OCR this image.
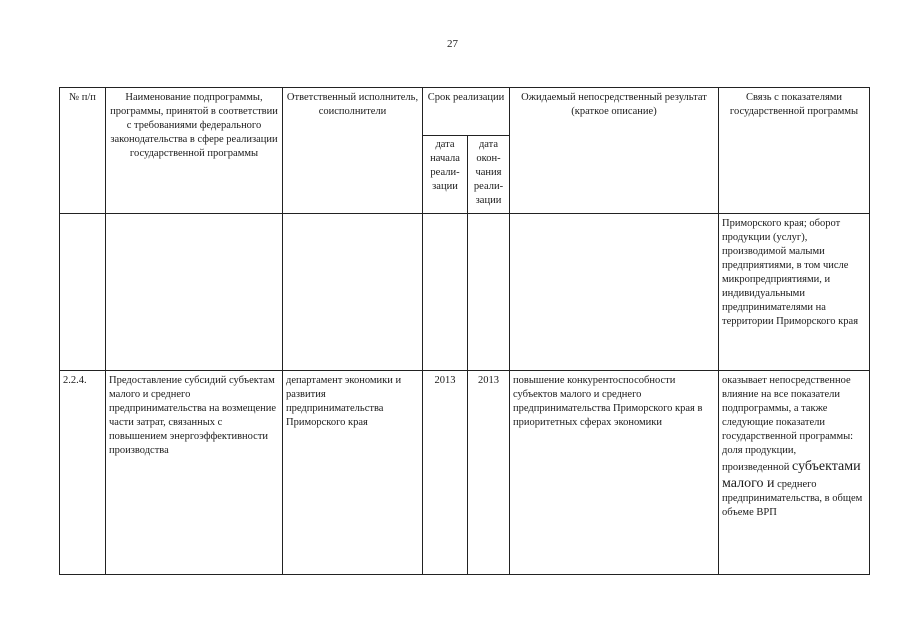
27
№ п/п	Наименование подпрограммы, программы, принятой в соответствии с требованиями федерального законодательства в сфере реализации государственной программы	Ответственный исполнитель, соисполнители	Срок реализации		Ожидаемый непосредственный результат (краткое описание)	Связь с показателями государственной программы
			дата начала реали-зации	дата окон-чания реали-зации		
						Приморского края; оборот продукции (услуг), производимой малыми предприятиями, в том числе микропредприятиями, и индивидуальными предпринимателями на территории Приморского края
2.2.4.	Предоставление субсидий субъектам малого и среднего предпринимательства на возмещение части затрат, связанных с повышением энергоэффективности производства	департамент экономики и развития предпринимательства Приморского края	2013	2013	повышение конкурентоспособности субъектов малого и среднего предпринимательства Приморского края в приоритетных сферах экономики	оказывает непосредственное влияние на все показатели подпрограммы, а также следующие показатели государственной программы: доля продукции, произведенной субъектами малого и среднего предпринимательства, в общем объеме ВРП
